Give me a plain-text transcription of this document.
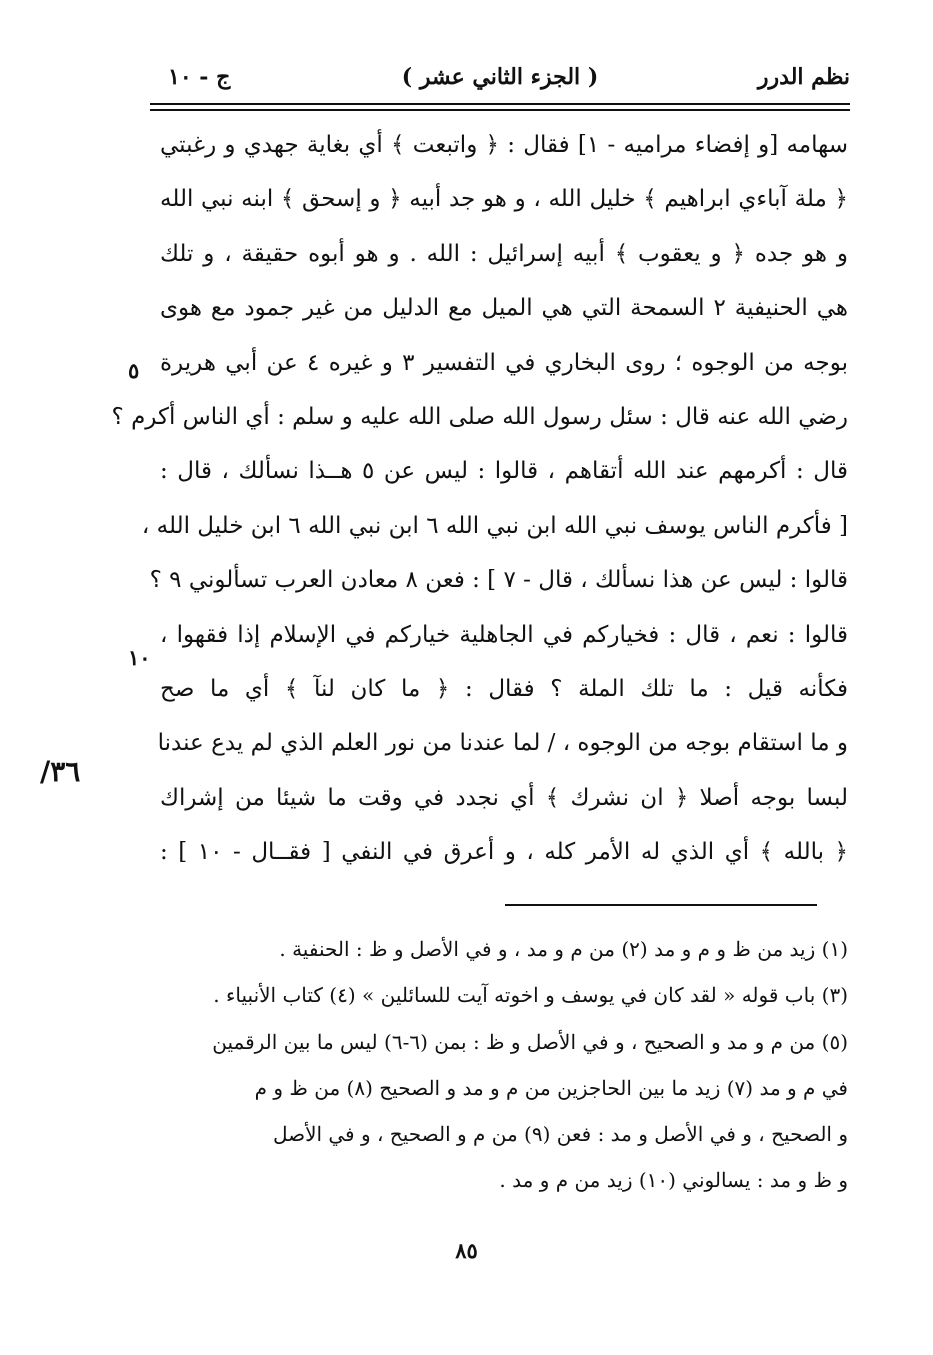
نظم الدرر
( الجزء الثاني عشر )
ج - ١٠
سهامه [و إفضاء مراميه - ١] فقال : ﴿ واتبعت ﴾ أي بغاية جهدي و رغبتي
﴿ ملة آباءي ابراهيم ﴾ خليل الله ، و هو جد أبيه ﴿ و إسحق ﴾ ابنه نبي الله
و هو جده ﴿ و يعقوب ﴾ أبيه إسرائيل : الله . و هو أبوه حقيقة ، و تلك
هي الحنيفية ٢ السمحة التي هي الميل مع الدليل من غير جمود مع هوى
بوجه من الوجوه ؛ روى البخاري في التفسير ٣ و غيره ٤ عن أبي هريرة
رضي الله عنه قال : سئل رسول الله صلى الله عليه و سلم : أي الناس أكرم ؟
قال : أكرمهم عند الله أتقاهم ، قالوا : ليس عن ٥ هــذا نسألك ، قال :
[ فأكرم الناس يوسف نبي الله ابن نبي الله ٦ ابن نبي الله ٦ ابن خليل الله ،
قالوا : ليس عن هذا نسألك ، قال - ٧ ] : فعن ٨ معادن العرب تسألوني ٩ ؟
قالوا : نعم ، قال : فخياركم في الجاهلية خياركم في الإسلام إذا فقهوا ،
فكأنه قيل : ما تلك الملة ؟ فقال : ﴿ ما كان لنآ ﴾ أي ما صح
و ما استقام بوجه من الوجوه ، / لما عندنا من نور العلم الذي لم يدع عندنا
لبسا بوجه أصلا ﴿ ان نشرك ﴾ أي نجدد في وقت ما شيئا من إشراك
﴿ بالله ﴾ أي الذي له الأمر كله ، و أعرق في النفي [ فقــال - ١٠ ] :
٥
١٠
٣٦/
(١) زيد من ظ و م و مد (٢) من م و مد ، و في الأصل و ظ : الحنفية .
(٣) باب قوله « لقد كان في يوسف و اخوته آيت للسائلين » (٤) كتاب الأنبياء .
(٥) من م و مد و الصحيح ، و في الأصل و ظ : بمن (٦-٦) ليس ما بين الرقمين
في م و مد (٧) زيد ما بين الحاجزين من م و مد و الصحيح (٨) من ظ و م
و الصحيح ، و في الأصل و مد : فعن (٩) من م و الصحيح ، و في الأصل
و ظ و مد : يسالوني (١٠) زيد من م و مد .
٨٥
